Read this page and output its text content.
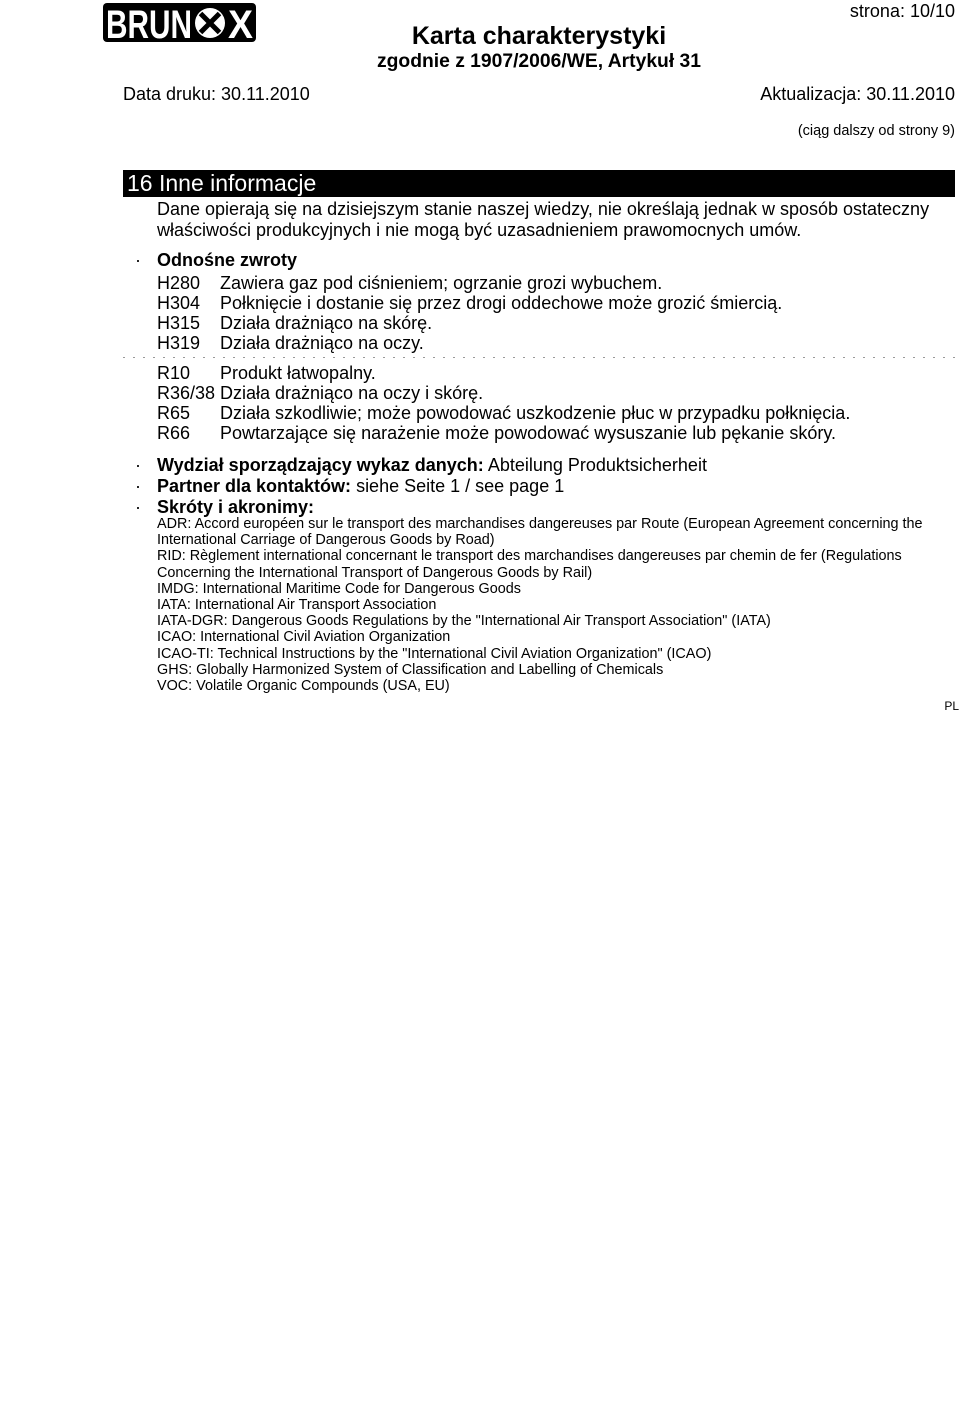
BRUN X	strona: 10/10
Karta charakterystyki
zgodnie z 1907/2006/WE, Artykuł 31
Data druku: 30.11.2010	Aktualizacja: 30.11.2010
(ciąg dalszy od strony 9)
16 Inne informacje
Dane opierają się na dzisiejszym stanie naszej wiedzy, nie określają jednak w sposób ostateczny
właściwości produkcyjnych i nie mogą być uzasadnieniem prawomocnych umów.
· Odnośne zwroty
H280	Zawiera gaz pod ciśnieniem; ogrzanie grozi wybuchem.
H304	Połknięcie i dostanie się przez drogi oddechowe może grozić śmiercią.
H315	Działa drażniąco na skórę.
H319	Działa drażniąco na oczy.
R10	Produkt łatwopalny.
R36/38 Działa drażniąco na oczy i skórę.
R65	Działa szkodliwie; może powodować uszkodzenie płuc w przypadku połknięcia.
R66	Powtarzające się narażenie może powodować wysuszanie lub pękanie skóry.
· Wydział sporządzający wykaz danych: Abteilung Produktsicherheit
· Partner dla kontaktów: siehe Seite 1 / see page 1
· Skróty i akronimy:
ADR: Accord européen sur le transport des marchandises dangereuses par Route (European Agreement concerning the
International Carriage of Dangerous Goods by Road)
RID: Règlement international concernant le transport des marchandises dangereuses par chemin de fer (Regulations
Concerning the International Transport of Dangerous Goods by Rail)
IMDG: International Maritime Code for Dangerous Goods
IATA: International Air Transport Association
IATA-DGR: Dangerous Goods Regulations by the "International Air Transport Association" (IATA)
ICAO: International Civil Aviation Organization
ICAO-TI: Technical Instructions by the "International Civil Aviation Organization" (ICAO)
GHS: Globally Harmonized System of Classification and Labelling of Chemicals
VOC: Volatile Organic Compounds (USA, EU)
PL
